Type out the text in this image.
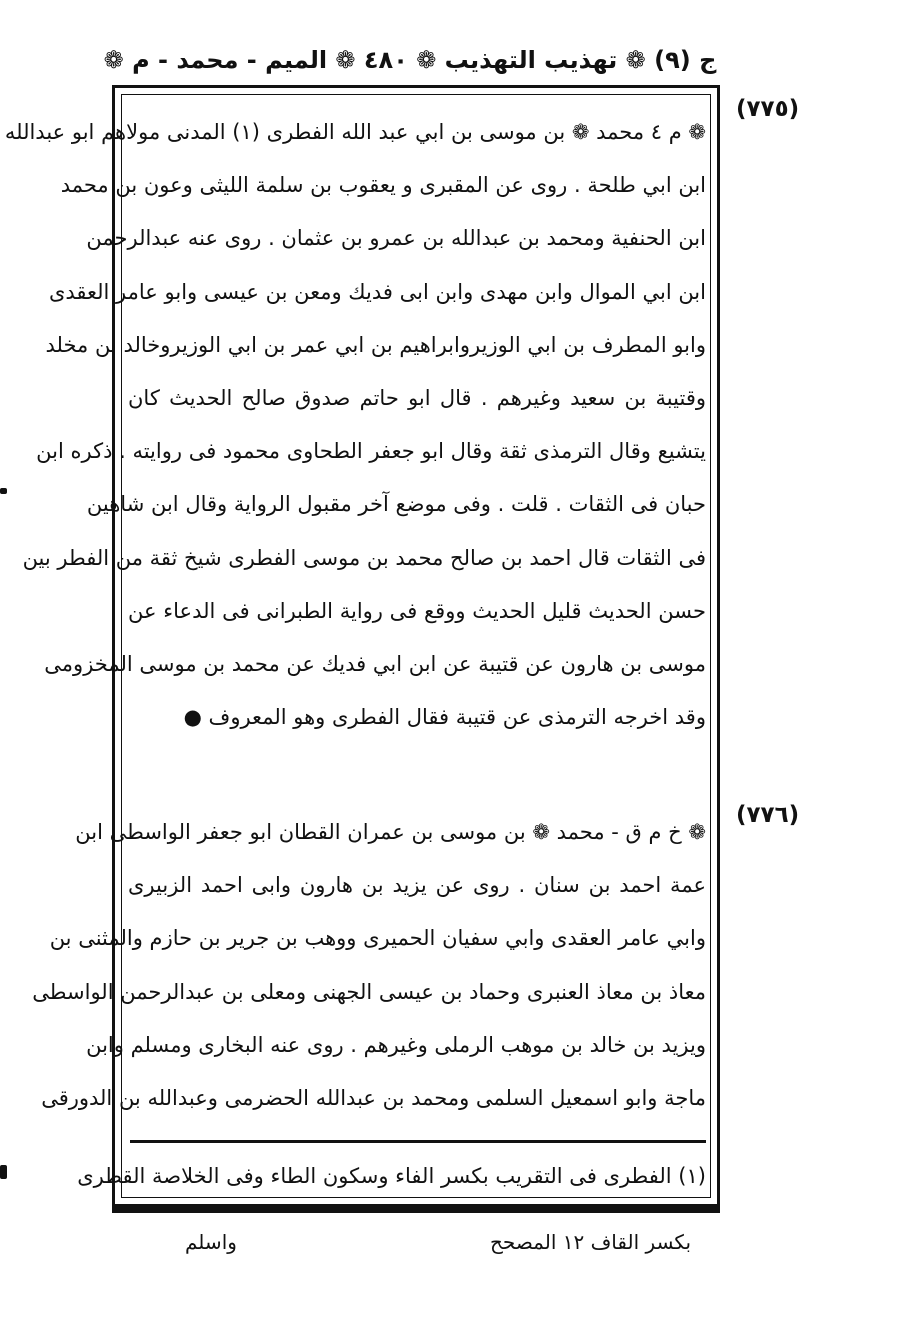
ج (٩) ❁ تهذيب التهذيب ❁ ٤٨٠ ❁ الميم - محمد - م ❁
(٧٧٥)
(٧٧٦)
❁ م ٤ محمد ❁ بن موسى بن ابي عبد الله الفطرى (١) المدنى مولاهم ابو عبدالله
ابن ابي طلحة . روى عن المقبرى و يعقوب بن سلمة الليثى وعون بن محمد
ابن الحنفية ومحمد بن عبدالله بن عمرو بن عثمان . روى عنه عبدالرحمن
ابن ابي الموال وابن مهدى وابن ابى فديك ومعن بن عيسى وابو عامر العقدى
وابو المطرف بن ابي الوزيروابراهيم بن ابي عمر بن ابي الوزيروخالد بن مخلد
وقتيبة بن سعيد وغيرهم . قال ابو حاتم صدوق صالح الحديث كان
يتشيع وقال الترمذى ثقة وقال ابو جعفر الطحاوى محمود فى روايته . ذكره ابن
حبان فى الثقات . قلت . وفى موضع آخر مقبول الرواية وقال ابن شاهين
فى الثقات قال احمد بن صالح محمد بن موسى الفطرى شيخ ثقة من الفطر بين
حسن الحديث قليل الحديث ووقع فى رواية الطبرانى فى الدعاء عن
موسى بن هارون عن قتيبة عن ابن ابي فديك عن محمد بن موسى المخزومى
وقد اخرجه الترمذى عن قتيبة فقال الفطرى وهو المعروف ●
❁ خ م ق - محمد ❁ بن موسى بن عمران القطان ابو جعفر الواسطى ابن
عمة احمد بن سنان . روى عن يزيد بن هارون وابى احمد الزبيرى
وابي عامر العقدى وابي سفيان الحميرى ووهب بن جرير بن حازم والمثنى بن
معاذ بن معاذ العنبرى وحماد بن عيسى الجهنى ومعلى بن عبدالرحمن الواسطى
ويزيد بن خالد بن موهب الرملى وغيرهم . روى عنه البخارى ومسلم وابن
ماجة وابو اسمعيل السلمى ومحمد بن عبدالله الحضرمى وعبدالله بن الدورقى
(١) الفطرى فى التقريب بكسر الفاء وسكون الطاء وفى الخلاصة القطرى
بكسر القاف ١٢ المصحح
واسلم
